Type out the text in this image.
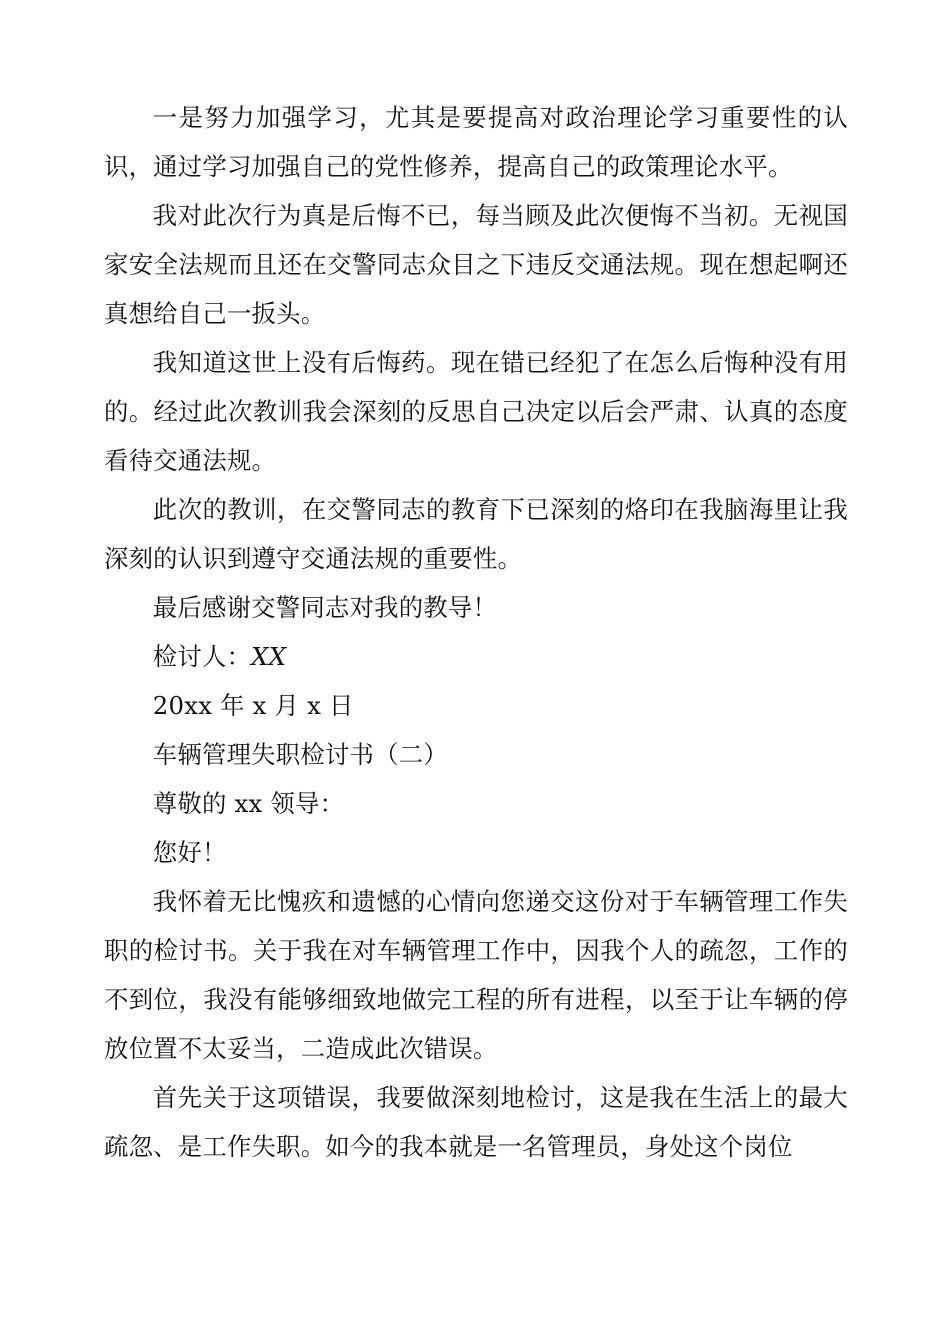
一是努力加强学习，尤其是要提高对政治理论学习重要性的认识，通过学习加强自己的党性修养，提高自己的政策理论水平。

我对此次行为真是后悔不已，每当顾及此次便悔不当初。无视国家安全法规而且还在交警同志众目之下违反交通法规。现在想起啊还真想给自己一扳头。

我知道这世上没有后悔药。现在错已经犯了在怎么后悔种没有用的。经过此次教训我会深刻的反思自己决定以后会严肃、认真的态度看待交通法规。

此次的教训，在交警同志的教育下已深刻的烙印在我脑海里让我深刻的认识到遵守交通法规的重要性。

最后感谢交警同志对我的教导！

检讨人：XX

20xx 年 x 月 x 日

车辆管理失职检讨书（二）

尊敬的 xx 领导：

您好！

我怀着无比愧疚和遗憾的心情向您递交这份对于车辆管理工作失职的检讨书。关于我在对车辆管理工作中，因我个人的疏忽，工作的不到位，我没有能够细致地做完工程的所有进程，以至于让车辆的停放位置不太妥当，二造成此次错误。

首先关于这项错误，我要做深刻地检讨，这是我在生活上的最大疏忽、是工作失职。如今的我本就是一名管理员，身处这个岗位
